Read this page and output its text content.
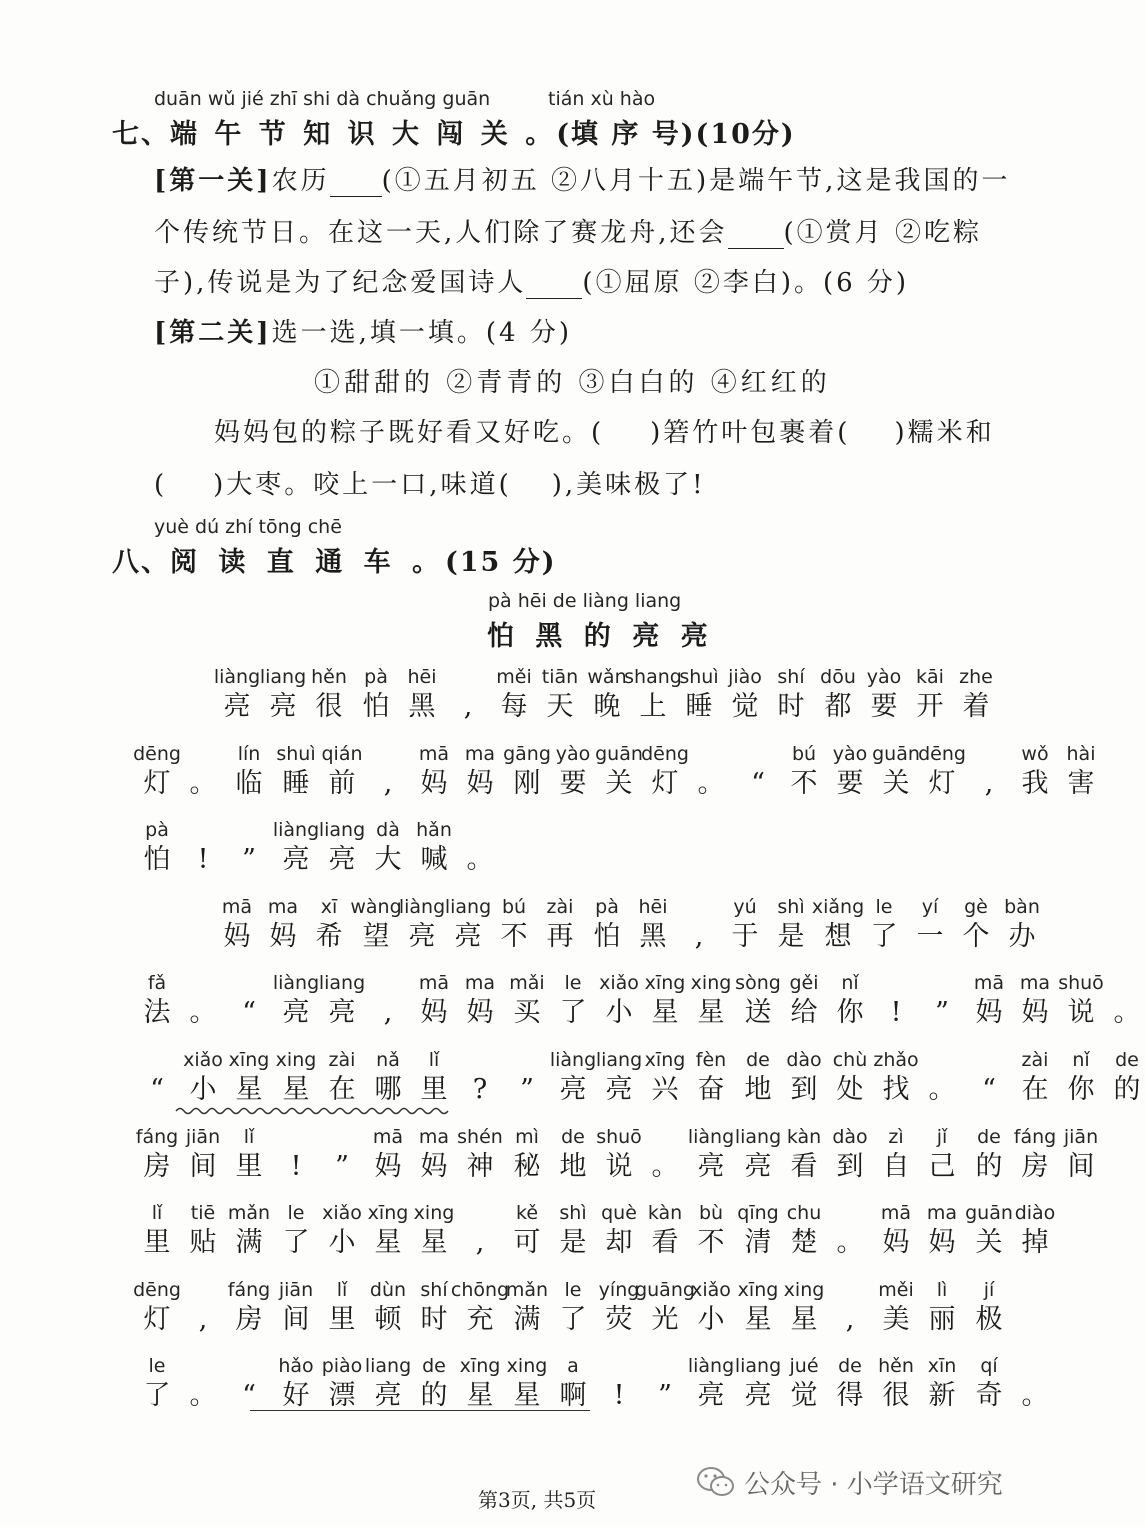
duān wǔ jié zhī shi dà chuǎng guān	tián xù hào
七、端 午 节 知 识 大 闯 关 。(填 序 号)(10分)
[第一关]农历 (①五月初五 ②八月十五)是端午节,这是我国的一
个传统节日。在这一天,人们除了赛龙舟,还会 (①赏月 ②吃粽
子),传说是为了纪念爱国诗人 (①屈原 ②李白)。(6 分)
[第二关]选一选,填一填。(4 分)
①甜甜的 ②青青的 ③白白的 ④红红的
妈妈包的粽子既好看又好吃。( )箬竹叶包裹着( )糯米和
( )大枣。咬上一口,味道( ),美味极了!
yuè dú zhí tōng chē
八、阅 读 直 通 车 。(15 分)
pà hēi de liàng liang
怕 黑 的 亮 亮
liàng liang hěn pà hēi	měi tiān wǎn
shang
shuì jiào shí dōu yào kāi zhe
亮 亮 很 怕 黑	,	每 天 晚 上 睡 觉 时 都 要 开 着
dēng	lín shuì qián	mā ma gāng yào guān
dēng	bú yào guān
dēng	wǒ hài
灯 。 临 睡 前	,	妈 妈 刚 要 关 灯 。 “ 不 要 关 灯	,	我 害
pà	liàng liang dà hǎn
怕	!	” 亮 亮 大 喊 。
mā ma xī wàng
liàng liang bú zài pà hēi	yú shì xiǎng le yí gè bàn
妈 妈 希 望 亮 亮 不 再 怕 黑	,	于 是 想 了 一 个 办
fǎ	liàng liang	mā ma mǎi le xiǎo xīng xing sòng gěi nǐ	mā ma shuō
法 。 “ 亮 亮	,	妈 妈 买 了 小 星 星 送 给 你	!	” 妈 妈 说 。
xiǎo xīng xing zài nǎ lǐ	liàng liang xīng fèn de dào chù zhǎo	zài nǐ de
“ 小 星 星 在 哪 里 ?	” 亮 亮 兴 奋 地 到 处 找 。 “ 在 你 的
fáng jiān lǐ	mā ma shén mì de shuō liàng liang kàn dào zì jǐ de fáng jiān
房 间 里	!	” 妈 妈 神 秘 地 说 。 亮 亮 看 到 自 己 的 房 间
lǐ tiē mǎn le xiǎo xīng xing	kě shì què kàn bù qīng chu	mā ma guān diào
里 贴 满 了 小 星 星	,	可 是 却 看 不 清 楚 。 妈 妈 关 掉
dēng fáng jiān lǐ dùn shí chōng
mǎn le yíng
guāng
xiǎo xīng xing	měi lì jí
灯	,	房 间 里 顿 时 充 满 了 荧 光 小 星 星	,	美 丽 极
le	hǎo piào liang de xīng xing a	liàng liang jué de hěn xīn qí
了 。 “ 好 漂 亮 的 星 星 啊	!	” 亮 亮 觉 得 很 新 奇 。
第3页, 共5页
公众号 · 小学语文研究
